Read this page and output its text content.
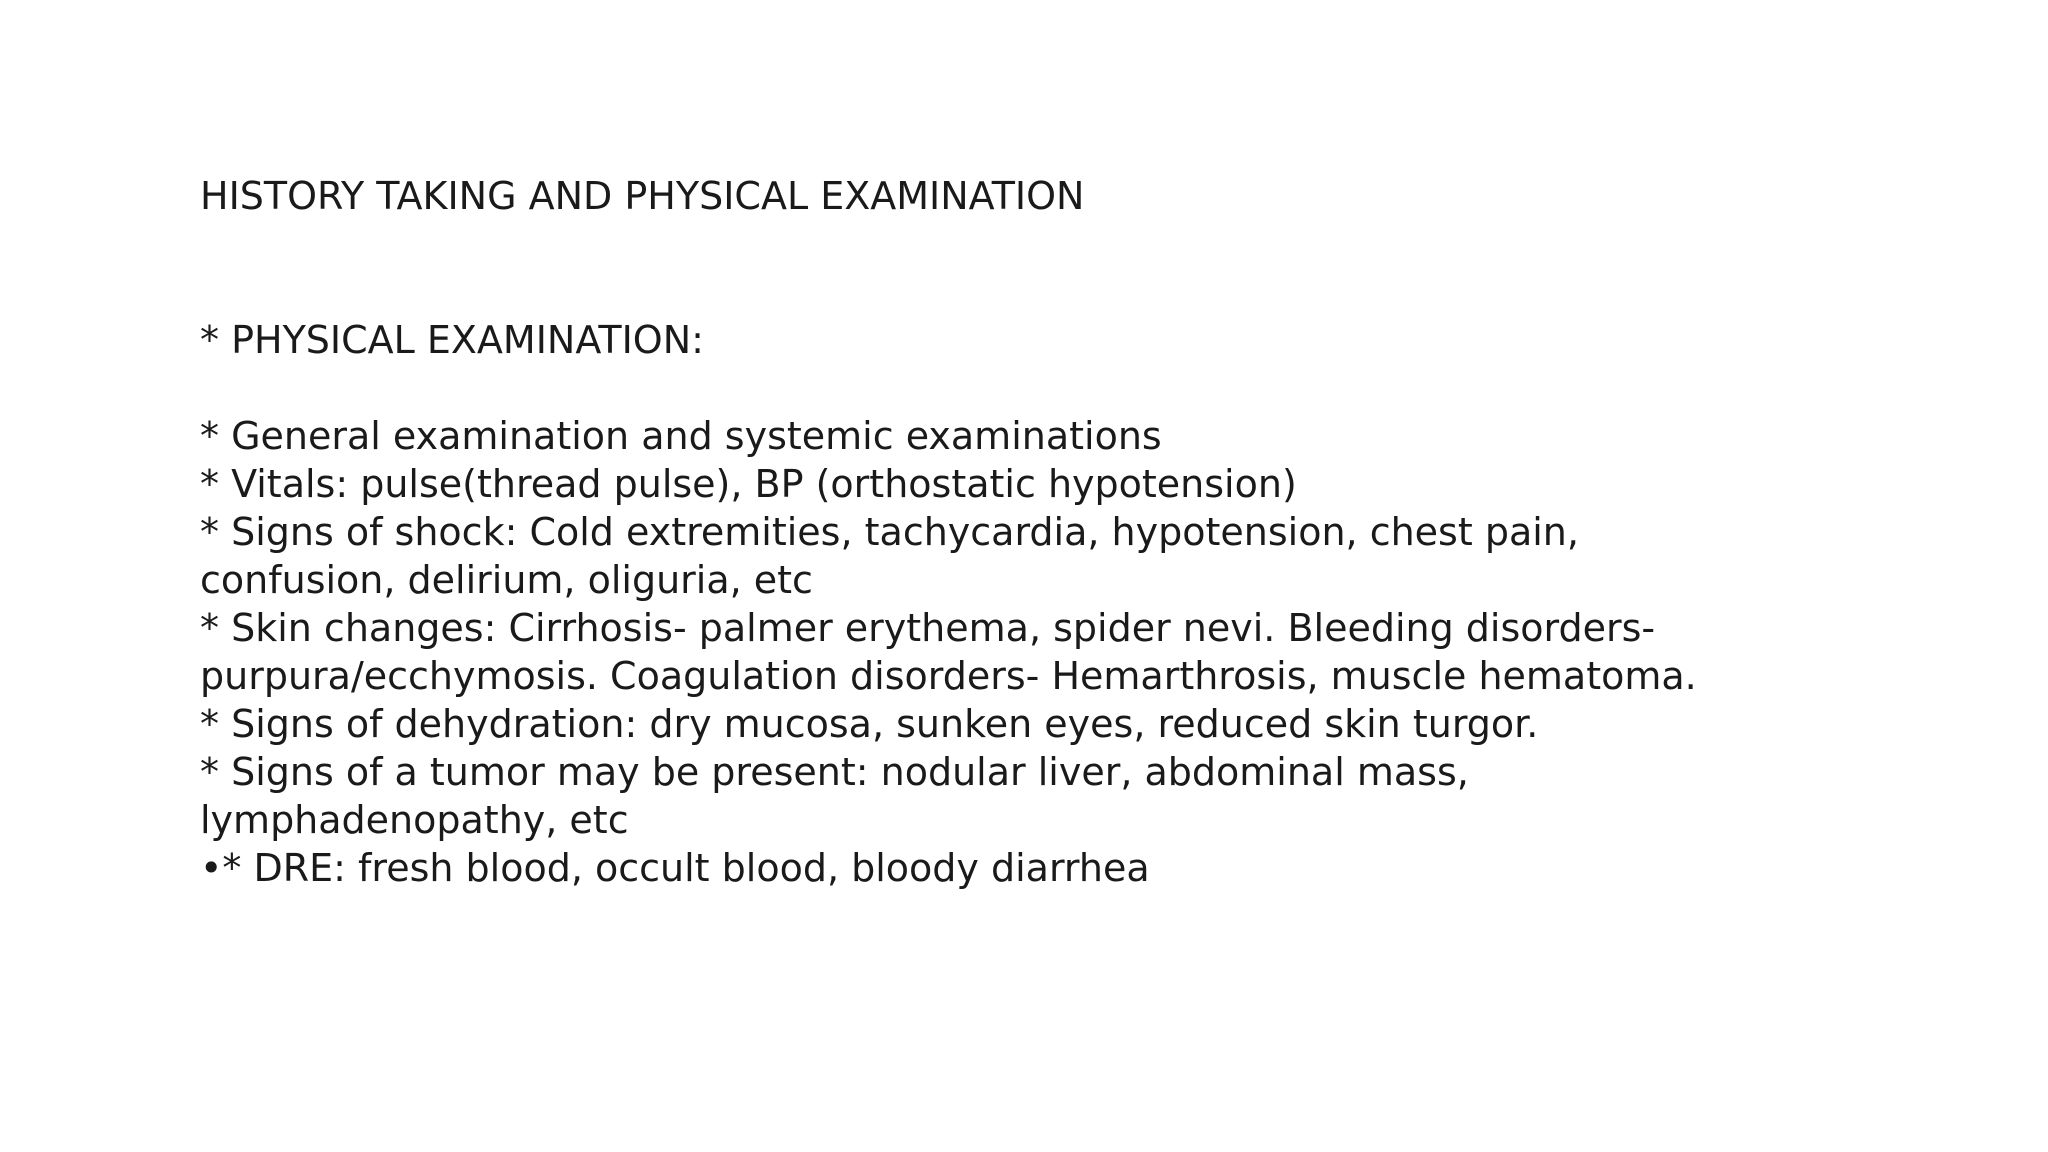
HISTORY TAKING AND PHYSICAL EXAMINATION
* PHYSICAL EXAMINATION:
* General examination and systemic examinations
* Vitals: pulse(thread pulse), BP (orthostatic hypotension)
* Signs of shock: Cold extremities, tachycardia, hypotension, chest pain, confusion, delirium, oliguria, etc
* Skin changes: Cirrhosis- palmer erythema, spider nevi. Bleeding disorders- purpura/ecchymosis. Coagulation disorders- Hemarthrosis, muscle hematoma.
* Signs of dehydration: dry mucosa, sunken eyes, reduced skin turgor.
* Signs of a tumor may be present: nodular liver, abdominal mass, lymphadenopathy, etc
•* DRE: fresh blood, occult blood, bloody diarrhea
